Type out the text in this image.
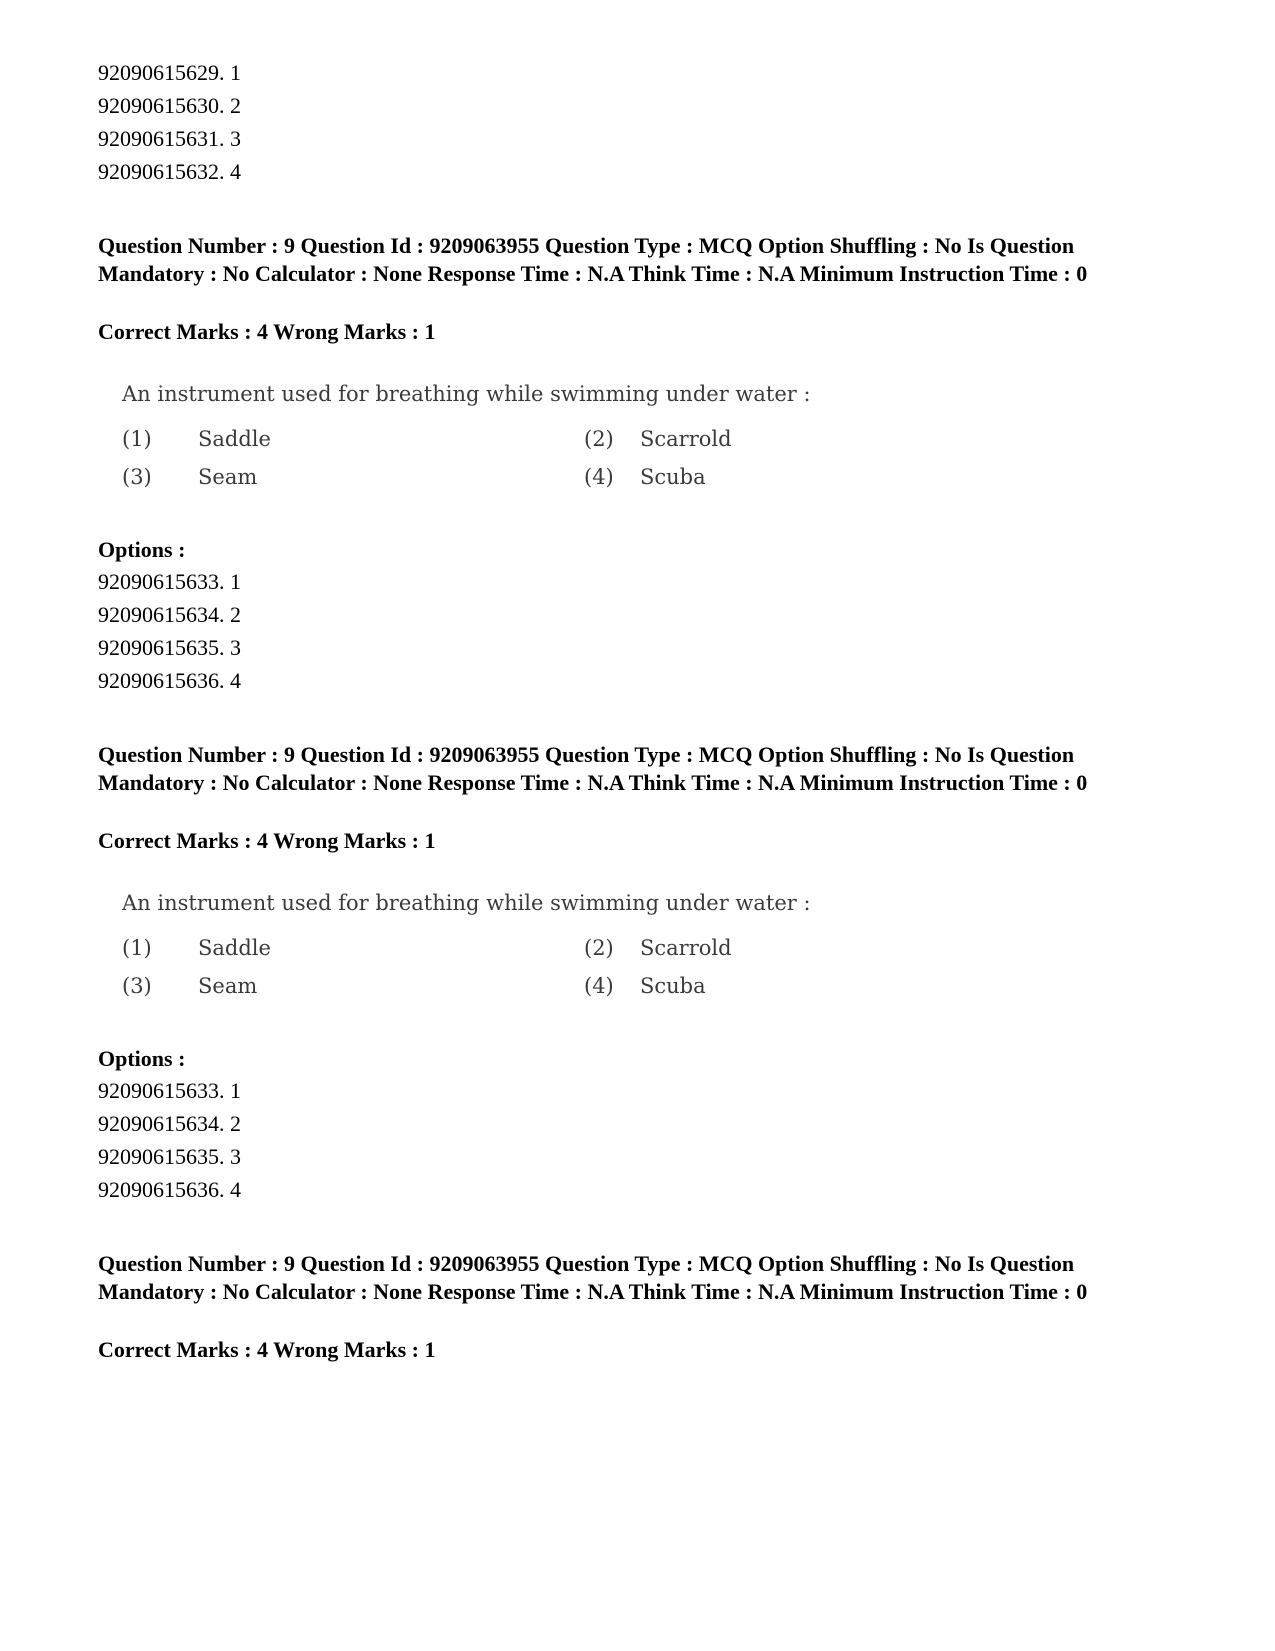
92090615629. 1
92090615630. 2
92090615631. 3
92090615632. 4
Question Number : 9 Question Id : 9209063955 Question Type : MCQ Option Shuffling : No Is Question Mandatory : No Calculator : None Response Time : N.A Think Time : N.A Minimum Instruction Time : 0
Correct Marks : 4 Wrong Marks : 1
An instrument used for breathing while swimming under water :
(1) Saddle	(2) Scarrold
(3) Seam	(4) Scuba
Options :
92090615633. 1
92090615634. 2
92090615635. 3
92090615636. 4
Question Number : 9 Question Id : 9209063955 Question Type : MCQ Option Shuffling : No Is Question Mandatory : No Calculator : None Response Time : N.A Think Time : N.A Minimum Instruction Time : 0
Correct Marks : 4 Wrong Marks : 1
An instrument used for breathing while swimming under water :
(1) Saddle	(2) Scarrold
(3) Seam	(4) Scuba
Options :
92090615633. 1
92090615634. 2
92090615635. 3
92090615636. 4
Question Number : 9 Question Id : 9209063955 Question Type : MCQ Option Shuffling : No Is Question Mandatory : No Calculator : None Response Time : N.A Think Time : N.A Minimum Instruction Time : 0
Correct Marks : 4 Wrong Marks : 1
